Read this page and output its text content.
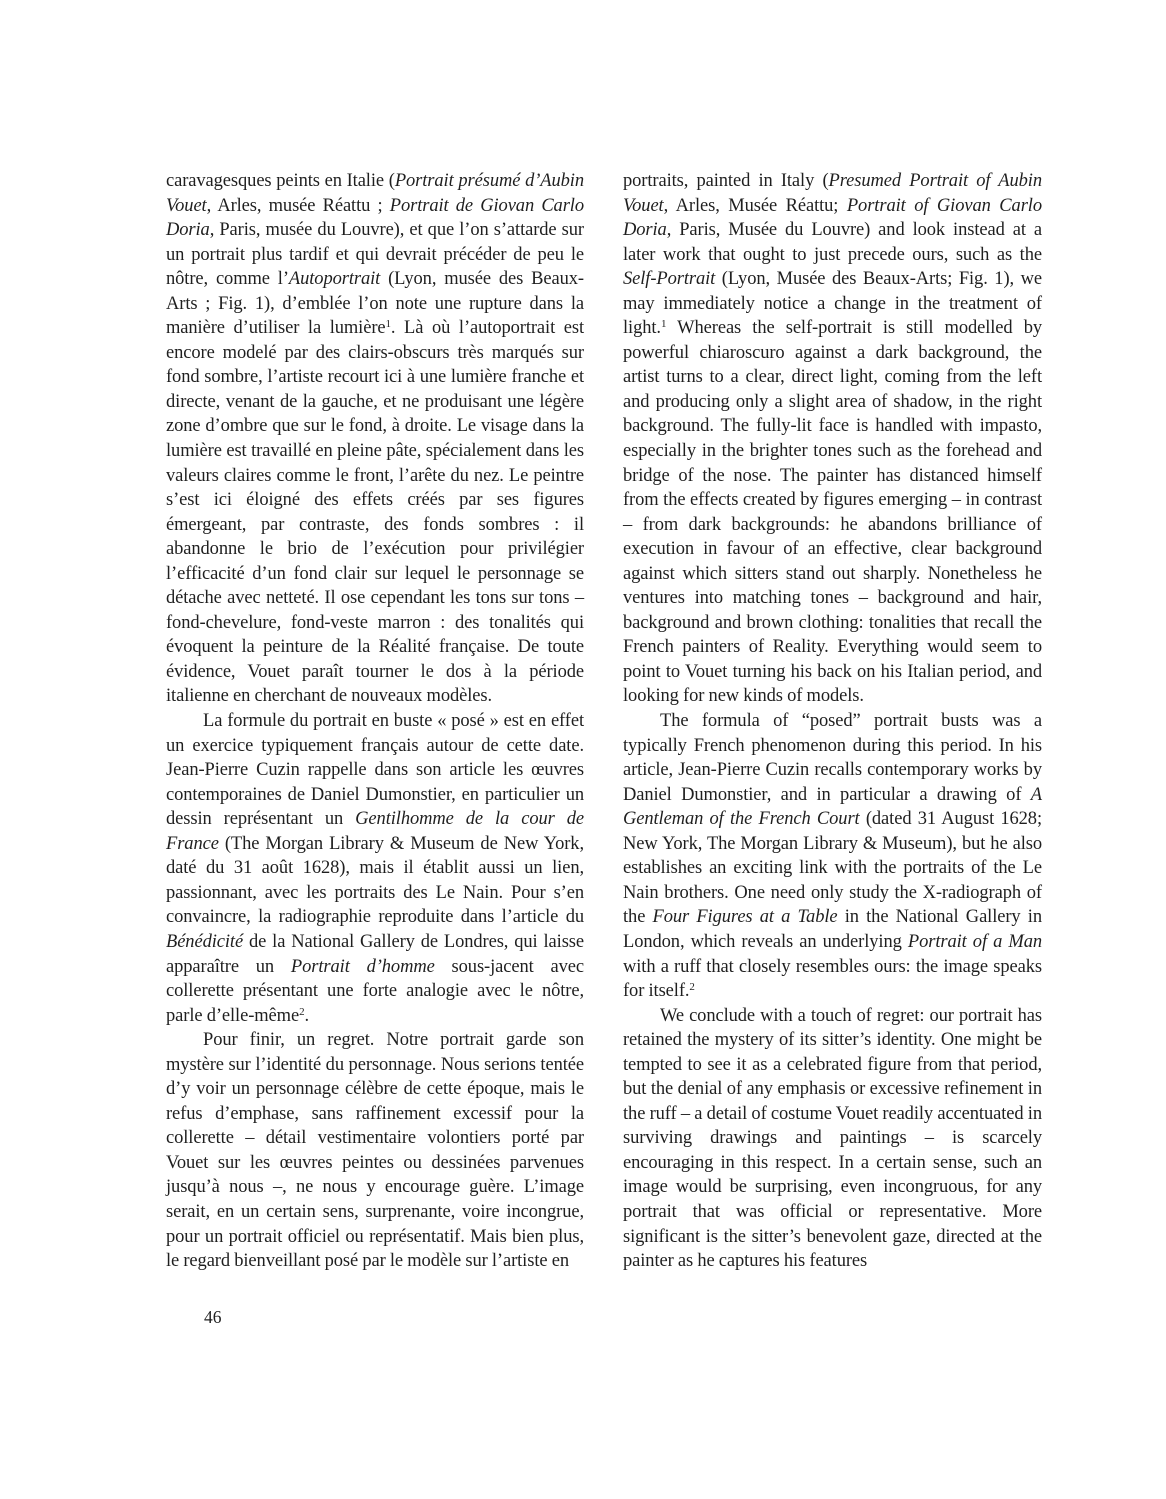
caravagesques peints en Italie (Portrait présumé d’Aubin Vouet, Arles, musée Réattu ; Portrait de Giovan Carlo Doria, Paris, musée du Louvre), et que l’on s’attarde sur un portrait plus tardif et qui devrait précéder de peu le nôtre, comme l’Autoportrait (Lyon, musée des Beaux-Arts ; Fig. 1), d’emblée l’on note une rupture dans la manière d’utiliser la lumière$^1$. Là où l’autoportrait est encore modelé par des clairs-obscurs très marqués sur fond sombre, l’artiste recourt ici à une lumière franche et directe, venant de la gauche, et ne produisant une légère zone d’ombre que sur le fond, à droite. Le visage dans la lumière est travaillé en pleine pâte, spécialement dans les valeurs claires comme le front, l’arête du nez. Le peintre s’est ici éloigné des effets créés par ses figures émergeant, par contraste, des fonds sombres : il abandonne le brio de l’exécution pour privilégier l’efficacité d’un fond clair sur lequel le personnage se détache avec netteté. Il ose cependant les tons sur tons – fond-chevelure, fond-veste marron : des tonalités qui évoquent la peinture de la Réalité française. De toute évidence, Vouet paraît tourner le dos à la période italienne en cherchant de nouveaux modèles.

La formule du portrait en buste « posé » est en effet un exercice typiquement français autour de cette date. Jean-Pierre Cuzin rappelle dans son article les œuvres contemporaines de Daniel Dumonstier, en particulier un dessin représentant un Gentilhomme de la cour de France (The Morgan Library & Museum de New York, daté du 31 août 1628), mais il établit aussi un lien, passionnant, avec les portraits des Le Nain. Pour s’en convaincre, la radiographie reproduite dans l’article du Bénédicité de la National Gallery de Londres, qui laisse apparaître un Portrait d’homme sous-jacent avec collerette présentant une forte analogie avec le nôtre, parle d’elle-même$^2$.

Pour finir, un regret. Notre portrait garde son mystère sur l’identité du personnage. Nous serions tentée d’y voir un personnage célèbre de cette époque, mais le refus d’emphase, sans raffinement excessif pour la collerette – détail vestimentaire volontiers porté par Vouet sur les œuvres peintes ou dessinées parvenues jusqu’à nous –, ne nous y encourage guère. L’image serait, en un certain sens, surprenante, voire incongrue, pour un portrait officiel ou représentatif. Mais bien plus, le regard bienveillant posé par le modèle sur l’artiste en

portraits, painted in Italy (Presumed Portrait of Aubin Vouet, Arles, Musée Réattu; Portrait of Giovan Carlo Doria, Paris, Musée du Louvre) and look instead at a later work that ought to just precede ours, such as the Self-Portrait (Lyon, Musée des Beaux-Arts; Fig. 1), we may immediately notice a change in the treatment of light.$^1$ Whereas the self-portrait is still modelled by powerful chiaroscuro against a dark background, the artist turns to a clear, direct light, coming from the left and producing only a slight area of shadow, in the right background. The fully-lit face is handled with impasto, especially in the brighter tones such as the forehead and bridge of the nose. The painter has distanced himself from the effects created by figures emerging – in contrast – from dark backgrounds: he abandons brilliance of execution in favour of an effective, clear background against which sitters stand out sharply. Nonetheless he ventures into matching tones – background and hair, background and brown clothing: tonalities that recall the French painters of Reality. Everything would seem to point to Vouet turning his back on his Italian period, and looking for new kinds of models.

The formula of “posed” portrait busts was a typically French phenomenon during this period. In his article, Jean-Pierre Cuzin recalls contemporary works by Daniel Dumonstier, and in particular a drawing of A Gentleman of the French Court (dated 31 August 1628; New York, The Morgan Library & Museum), but he also establishes an exciting link with the portraits of the Le Nain brothers. One need only study the X-radiograph of the Four Figures at a Table in the National Gallery in London, which reveals an underlying Portrait of a Man with a ruff that closely resembles ours: the image speaks for itself.$^2$

We conclude with a touch of regret: our portrait has retained the mystery of its sitter’s identity. One might be tempted to see it as a celebrated figure from that period, but the denial of any emphasis or excessive refinement in the ruff – a detail of costume Vouet readily accentuated in surviving drawings and paintings – is scarcely encouraging in this respect. In a certain sense, such an image would be surprising, even incongruous, for any portrait that was official or representative. More significant is the sitter’s benevolent gaze, directed at the painter as he captures his features

46
